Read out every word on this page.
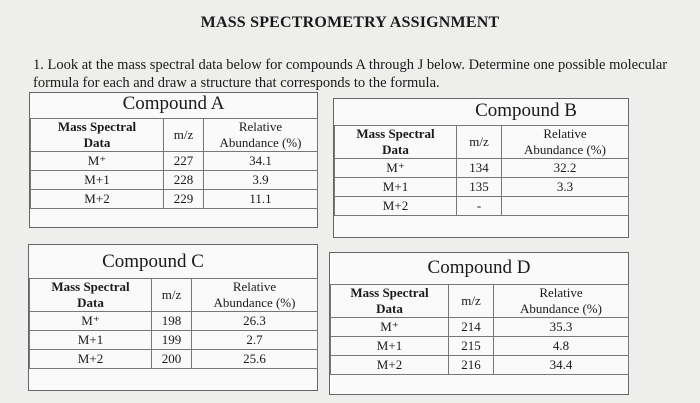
MASS SPECTROMETRY ASSIGNMENT
1. Look at the mass spectral data below for compounds A through J below. Determine one possible molecular formula for each and draw a structure that corresponds to the formula.
Compound A
Mass Spectral
Data	m/z	Relative
Abundance (%)
M⁺	227	34.1
M+1	228	3.9
M+2	229	11.1
Compound B
Mass Spectral
Data	m/z	Relative
Abundance (%)
M⁺	134	32.2
M+1	135	3.3
M+2	-	
Compound C
Mass Spectral
Data	m/z	Relative
Abundance (%)
M⁺	198	26.3
M+1	199	2.7
M+2	200	25.6
Compound D
Mass Spectral
Data	m/z	Relative
Abundance (%)
M⁺	214	35.3
M+1	215	4.8
M+2	216	34.4
